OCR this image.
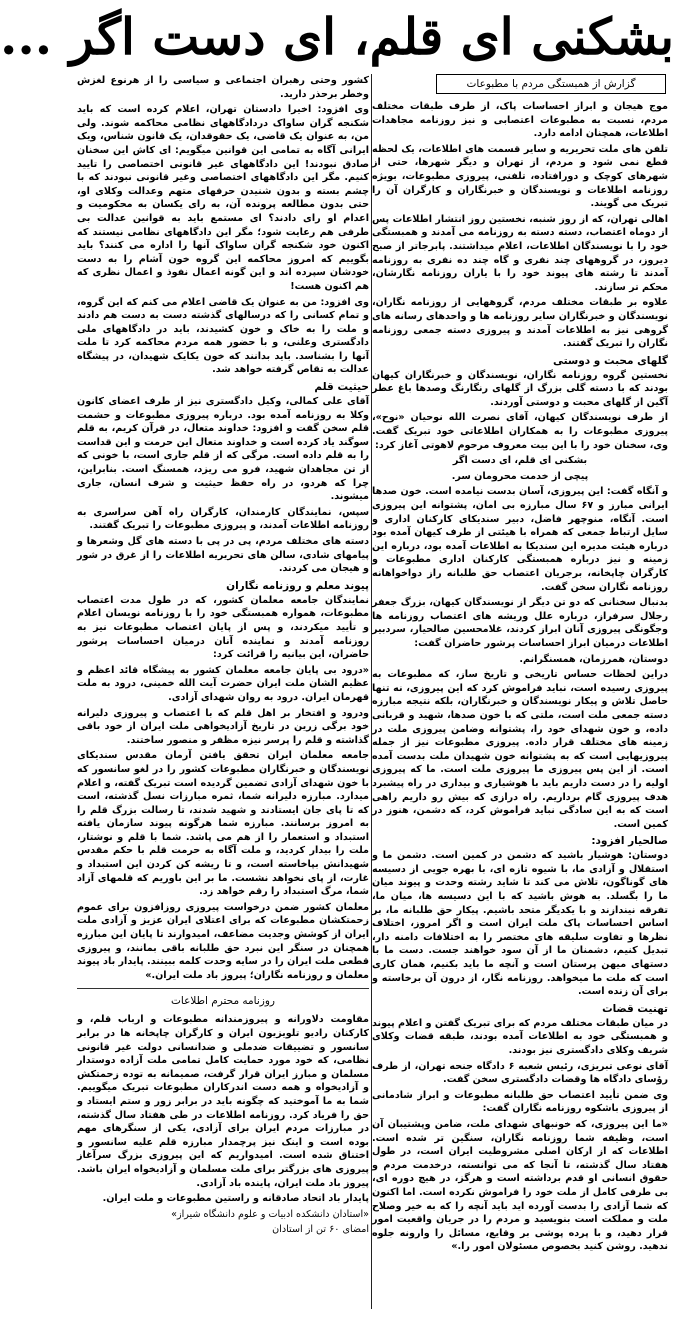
بشکنی ای قلم، ای دست اگر ...
گزارش از همبستگی مردم با مطبوعات
موج هیجان و ابراز احساسات پاک، از طرف طبقات مختلف مردم، نسبت به مطبوعات اعتصابی و نیز روزنامه مجاهدات اطلاعات، همچنان ادامه دارد.
تلفن های ملت تحریریه و سایر قسمت های اطلاعات، یک لحظه قطع نمی شود و مردم، از تهران و دیگر شهرها، حتی از شهرهای کوچک و دورافتاده، تلفنی، پیروزی مطبوعات، بویژه روزنامه اطلاعات و نویسندگان و خبرنگاران و کارگران آن را تبریک می گویند.
اهالی تهران، که از روز شنبه، نخستین روز انتشار اطلاعات پس از دوماه اعتصاب، دسته دسته به روزنامه می آمدند و همبستگی خود را با نویسندگان اطلاعات، اعلام میداشتند. پابرجاتر از صبح دیروز، در گروههای چند نفری و گاه چند ده نفری به روزنامه آمدند تا رشته های پیوند خود را با یاران روزنامه نگارشان، محکم تر سازند.
علاوه بر طبقات مختلف مردم، گروههایی از روزنامه نگاران، نویسندگان و خبرنگاران سایر روزنامه ها و واحدهای رسانه های گروهی نیز به اطلاعات آمدند و پیروزی دسته جمعی روزنامه نگاران را تبریک گفتند.
گلهای محبت و دوستی
نخستین گروه روزنامه نگاران، نویسندگان و خبرنگاران کیهان بودند که با دسته گلی بزرگ از گلهای رنگارنگ وصدها باغ عطر آگین از گلهای محبت و دوستی آوردند.
از طرف نویسندگان کیهان، آقای نصرت الله نوحیان «نوح»، پیروزی مطبوعات را به همکاران اطلاعاتی خود تبریک گفت. وی، سخنان خود را با این بیت معروف مرحوم لاهوتی آغاز کرد:
بشکنی ای قلم، ای دست اگر
پیچی از خدمت محرومان سر.
و آنگاه گفت: این پیروزی، آسان بدست نیامده است. خون صدها ایرانی مبارز و ۶۷ سال مبارزه بی امان، پشتوانه این پیروزی است. آنگاه، منوچهر فاضل، دبیر سندیکای کارکنان اداری و سایل ارتباط جمعی که همراه با هیئتی از طرف کیهان آمده بود درباره هیئت مدیره این سندیکا به اطلاعات آمده بود، درباره این زمینه و نیز درباره همبستگی کارکنان اداری مطبوعات و کارگران چاپخانه، برجریان اعتصاب حق طلبانه راز دواخواهانه روزنامه نگاران سخن گفت.
بدنبال سخنانی که دو تن دیگر از نویسندگان کیهان، بزرگ جعفر رجلال سرفراز، درباره علل وریشه های اعتصاب روزنامه ها وجگونگی پیروزی آنان ابراز کردند، غلامحسین صالحیار، سردبیر اطلاعات درمیان ابراز احساسات پرشور حاضران گفت:
دوستان، همرزمان، همسنگرانم.
دراین لحظات حساس تاریخی و تاریخ ساز، که مطبوعات به پیروزی رسیده است، نباید فراموش کرد که این پیروزی، نه تنها حاصل تلاش و پیکار نویسندگان و خبرنگاران، بلکه نتیجه مبارزه دسته جمعی ملت است، ملتی که با خون صدها، شهید و قربانی داده، و خون شهدای خود را، پشتوانه وضامن پیروزی ملت در زمینه های مختلف قرار داده. پیروزی مطبوعات نیز از جمله پیروزیهایی است که به پشتوانه خون شهیدان ملت بدست آمده است. از این پس پیروزی ما پیروزی ملت است. ما که پیروزی اولیه را در دست داریم باید با هوشیاری و بیداری در راه پیشبرد هدف پیروزی گام برداریم. راه درازی که بیش رو داریم راهی است که به این سادگی نباید فراموش کرد، که دشمن، هنوز در کمین است.
صالحیار افزود:
دوستان: هوشیار باشید که دشمن در کمین است. دشمن ما و استقلال و آزادی ما، با شیوه تازه ای، با بهره جویی از دسیسه های گوناگون، تلاش می کند تا شاید رشته وحدت و پیوند میان ما را بگسلد. به هوش باشید که با این دسیسه ها، میان ما، تفرقه نیندازند و با یکدیگر متحد باشیم. پیکار حق طلبانه ما، بر اساس احساسات پاک ملت ایران است و اگر امروز، اختلاف نظرها و تفاوت سلیقه های مختصر را به اختلافات دامنه دار، تبدیل کنیم، دشمنان ما از آن سود خواهند جست. دست ما با دستهای میهن پرستان است و آنچه ما باید بکنیم، همان کاری است که ملت ما میخواهد. روزنامه نگار، از درون آن برخاسته و برای آن زنده است.
تهنیت قضات
در میان طبقات مختلف مردم که برای تبریک گفتن و اعلام پیوند و همبستگی خود به اطلاعات آمده بودند، طبقه قضات وکلای شریف وکلای دادگستری نیز بودند.
آقای نوعی تبریزی، رئیس شعبه ۶ دادگاه جنحه تهران، از طرف رؤسای دادگاه ها وقضات دادگستری سخن گفت.
وی ضمن تأیید اعتصاب حق طلبانه مطبوعات و ابراز شادمانی از پیروزی باشکوه روزنامه نگاران گفت:
«ما این پیروزی، که خونبهای شهدای ملت، ضامن وپشتیبان آن است، وظیفه شما روزنامه نگاران، سنگین تر شده است. اطلاعات که از ارکان اصلی مشروطیت ایران است، در طول هفتاد سال گذشته، تا آنجا که می توانسته، درخدمت مردم و حقوق انسانی او قدم برداشته است و هرگز، در هیچ دوره ای، بی طرفی کامل از ملت خود را فراموش نکرده است. اما اکنون که شما آزادی را بدست آورده اید باید آنچه را که به خیر وصلاح ملت و مملکت است بنویسید و مردم را در جریان واقعیت امور قرار دهید، و با پرده پوشی بر وقایع، مسائل را وارونه جلوه ندهید. روشن کنید بخصوص مسئولان امور را.»
کشور وحتی رهبران اجتماعی و سیاسی را از هرنوع لغزش وخطر برحذر دارید.
وی افزود: اخیرا دادستان تهران، اعلام کرده است که باید شکنجه گران ساواک دردادگاههای نظامی محاکمه شوند. ولی من، به عنوان یک قاضی، یک حقوقدان، یک قانون شناس، ویک ایرانی آگاه به تمامی این قوانین میگویم: ای کاش این سخنان صادق نبودند! این دادگاههای غیر قانونی اختصاصی را تایید کنیم. مگر این دادگاههای اختصاصی وغیر قانونی نبودند که با چشم بسته و بدون شنیدن حرفهای متهم وعدالت وکلای او، حتی بدون مطالعه پرونده آن، به رای یکسان به محکومیت و اعدام او رای دادند؟ ای مستمع باید به قوانین عدالت بی طرفی هم رعایت شود؛ مگر این دادگاههای نظامی نیستند که اکنون خود شکنجه گران ساواک آنها را اداره می کنند؟ باید بگوییم که امروز محاکمه این گروه خون آشام را به دست خودشان سپرده اند و این گونه اعمال نفوذ و اعمال نظری که هم اکنون هست!
وی افزود: من به عنوان یک قاضی اعلام می کنم که این گروه، و تمام کسانی را که درسالهای گذشته دست به دست هم دادند و ملت را به خاک و خون کشیدند، باید در دادگاههای ملی دادگستری وعلنی، و با حضور همه مردم محاکمه کرد تا ملت آنها را بشناسد. باید بدانند که خون یکایک شهیدان، در پیشگاه عدالت به تقاص گرفته خواهد شد.
حیثیت قلم
آقای علی کمالی، وکیل دادگستری نیز از طرف اعضای کانون وکلا به روزنامه آمده بود. درباره پیروزی مطبوعات و حشمت قلم سخن گفت و افزود: خداوند متعال، در قرآن کریم، به قلم سوگند یاد کرده است و خداوند متعال این حرمت و این قداست را به قلم داده است. مرگی که از قلم جاری است، با خونی که از تن مجاهدان شهید، فرو می ریزد، همسنگ است. بنابراین، چرا که هردو، در راه حفظ حیثیت و شرف انسان، جاری میشوند.
سپس، نمایندگان کارمندان، کارگران راه آهن سراسری به روزنامه اطلاعات آمدند، و پیروزی مطبوعات را تبریک گفتند.
دسته های مختلف مردم، پی در پی با دسته های گل وشعرها و پیامهای شادی، سالن های تحریریه اطلاعات را از غرق در شور و هیجان می کردند.
پیوند معلم و روزنامه نگاران
نمایندگان جامعه معلمان کشور، که در طول مدت اعتصاب مطبوعات، همواره همبستگی خود را با روزنامه نویسان اعلام و تأیید میکردند، و پس از پایان اعتصاب مطبوعات نیز به روزنامه آمدند و نماینده آنان درمیان احساسات پرشور حاضران، این بیانیه را قرائت کرد:
«درود بی پایان جامعه معلمان کشور به پیشگاه قائد اعظم و عظیم الشان ملت ایران حضرت آیت الله خمینی، درود به ملت قهرمان ایران. درود به روان شهدای آزادی.
ودرود و افتخار بر اهل قلم که با اعتصاب و پیروزی دلیرانه خود برگی زرین در تاریخ آزادیخواهی ملت ایران از خود باقی گذاشته و قلم را پرسر نیزه مظفر و منصور ساختند.
جامعه معلمان ایران تحقق یافتن آرمان مقدس سندیکای نویسندگان و خبرنگاران مطبوعات کشور را در لغو سانسور که با خون شهدای آزادی تضمین گردیده است تبریک گفته، و اعلام میدارد. مبارزه دلیرانه شما، ثمره مبارزات نسل گذشته، است که تا پای جان ایستادند و شهید شدند، تا رسالت بزرگ قلم را به امروز برسانند. مبارزه شما هرگونه پیوند سازمان یافته استبداد و استعمار را از هم می پاشد. شما با قلم و نوشتار، ملت را بیدار کردید، و ملت آگاه به حرمت قلم با حکم مقدس شهیدانش بپاخاسته است، و تا ریشه کن کردن این استبداد و غارت، از پای نخواهد نشست. ما بر این باوریم که قلمهای آزاد شما، مرگ استبداد را رقم خواهد زد.
معلمان کشور ضمن درخواست پیروزی روزافزون برای عموم زحمتکشان مطبوعات که برای اعتلای ایران عزیز و آزادی ملت ایران از کوشش وجدیت مضاعف، امیدوارند تا پایان این مبارزه همچنان در سنگر این نبرد حق طلبانه باقی بمانند، و پیروزی قطعی ملت ایران را در سایه وحدت کلمه ببینند. پایدار باد پیوند معلمان و روزنامه نگاران؛ پیروز باد ملت ایران.»
روزنامه محترم اطلاعات
مقاومت دلاورانه و پیروزمندانه مطبوعات و ارباب قلم، و کارکنان رادیو تلویزیون ایران و کارگران چاپخانه ها در برابر سانسور و تضییقات ضدملی و ضدانسانی دولت غیر قانونی نظامی، که خود مورد حمایت کامل تمامی ملت آزاده دوستدار مسلمان و مبارز ایران قرار گرفت، صمیمانه به توده زحمتکش و آزادیخواه و همه دست اندرکاران مطبوعات تبریک میگوییم. شما به ما آموختید که چگونه باید در برابر زور و ستم ایستاد و حق را فریاد کرد. روزنامه اطلاعات در طی هفتاد سال گذشته، در مبارزات مردم ایران برای آزادی، یکی از سنگرهای مهم بوده است و اینک نیز پرچمدار مبارزه قلم علیه سانسور و اختناق شده است. امیدواریم که این پیروزی بزرگ سرآغاز پیروزی های بزرگتر برای ملت مسلمان و آزادیخواه ایران باشد. پیروز باد ملت ایران، پاینده باد آزادی.
پایدار باد اتحاد صادقانه و راستین مطبوعات و ملت ایران.
«استادان دانشکده ادبیات و علوم دانشگاه شیراز»
امضای ۶۰ تن از استادان
